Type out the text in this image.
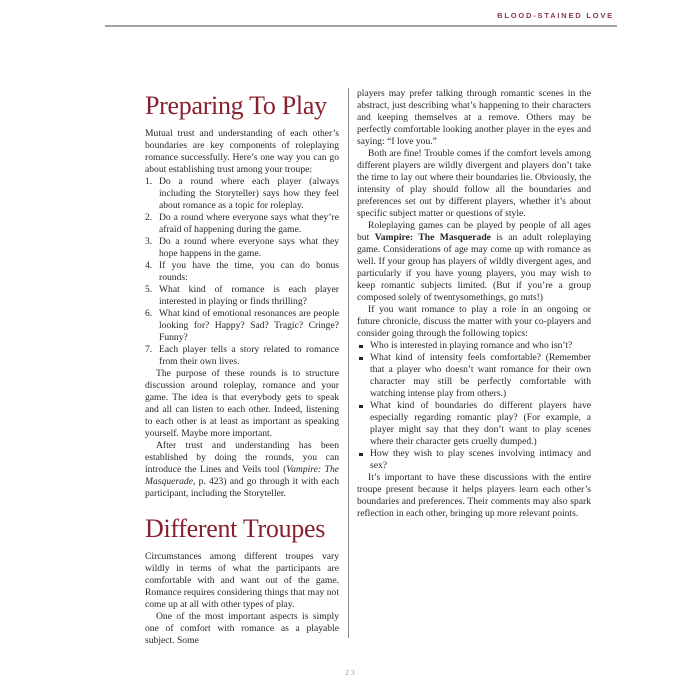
BLOOD-STAINED LOVE
Preparing To Play

Mutual trust and understanding of each other’s boundaries are key components of roleplaying romance successfully. Here’s one way you can go about establishing trust among your troupe:

Do a round where each player (always including the Storyteller) says how they feel about romance as a topic for roleplay.
Do a round where everyone says what they’re afraid of happening during the game.
Do a round where everyone says what they hope happens in the game.
If you have the time, you can do bonus rounds:
What kind of romance is each player interested in playing or finds thrilling?
What kind of emotional resonances are people looking for? Happy? Sad? Tragic? Cringe? Funny?
Each player tells a story related to romance from their own lives.

The purpose of these rounds is to structure discussion around roleplay, romance and your game. The idea is that everybody gets to speak and all can listen to each other. Indeed, listening to each other is at least as important as speaking yourself. Maybe more important.

After trust and understanding has been established by doing the rounds, you can introduce the Lines and Veils tool (Vampire: The Masquerade, p. 423) and go through it with each participant, including the Storyteller.

Different Troupes

Circumstances among different troupes vary wildly in terms of what the participants are comfortable with and want out of the game. Romance requires considering things that may not come up at all with other types of play.

One of the most important aspects is simply one of comfort with romance as a playable subject. Some

players may prefer talking through romantic scenes in the abstract, just describing what’s happening to their characters and keeping themselves at a remove. Others may be perfectly comfortable looking another player in the eyes and saying: “I love you.”

Both are fine! Trouble comes if the comfort levels among different players are wildly divergent and players don’t take the time to lay out where their boundaries lie. Obviously, the intensity of play should follow all the boundaries and preferences set out by different players, whether it’s about specific subject matter or questions of style.

Roleplaying games can be played by people of all ages but Vampire: The Masquerade is an adult roleplaying game. Considerations of age may come up with romance as well. If your group has players of wildly divergent ages, and particularly if you have young players, you may wish to keep romantic subjects limited. (But if you’re a group composed solely of twentysomethings, go nuts!)

If you want romance to play a role in an ongoing or future chronicle, discuss the matter with your co-players and consider going through the following topics:

Who is interested in playing romance and who isn’t?
What kind of intensity feels comfortable? (Remember that a player who doesn’t want romance for their own character may still be perfectly comfortable with watching intense play from others.)
What kind of boundaries do different players have especially regarding romantic play? (For example, a player might say that they don’t want to play scenes where their character gets cruelly dumped.)
How they wish to play scenes involving intimacy and sex?

It’s important to have these discussions with the entire troupe present because it helps players learn each other’s boundaries and preferences. Their comments may also spark reflection in each other, bringing up more relevant points.

23
